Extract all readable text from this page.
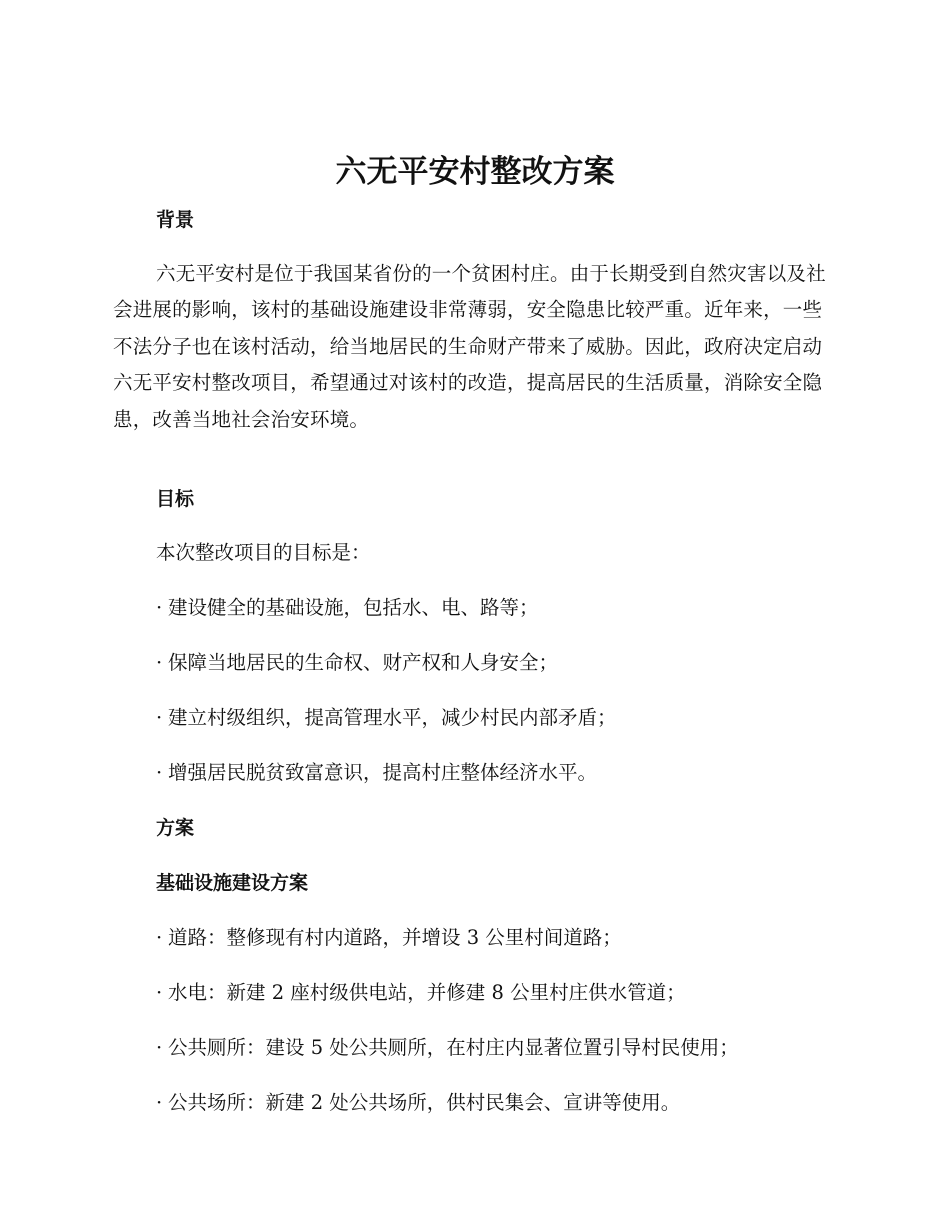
六无平安村整改方案
背景

六无平安村是位于我国某省份的一个贫困村庄。由于长期受到自然灾害以及社会进展的影响，该村的基础设施建设非常薄弱，安全隐患比较严重。近年来，一些不法分子也在该村活动，给当地居民的生命财产带来了威胁。因此，政府决定启动六无平安村整改项目，希望通过对该村的改造，提高居民的生活质量，消除安全隐患，改善当地社会治安环境。

目标

本次整改项目的目标是：

· 建设健全的基础设施，包括水、电、路等；

· 保障当地居民的生命权、财产权和人身安全；

· 建立村级组织，提高管理水平，减少村民内部矛盾；

· 增强居民脱贫致富意识，提高村庄整体经济水平。

方案
基础设施建设方案

· 道路：整修现有村内道路，并增设 3 公里村间道路；

· 水电：新建 2 座村级供电站，并修建 8 公里村庄供水管道；

· 公共厕所：建设 5 处公共厕所，在村庄内显著位置引导村民使用；

· 公共场所：新建 2 处公共场所，供村民集会、宣讲等使用。
